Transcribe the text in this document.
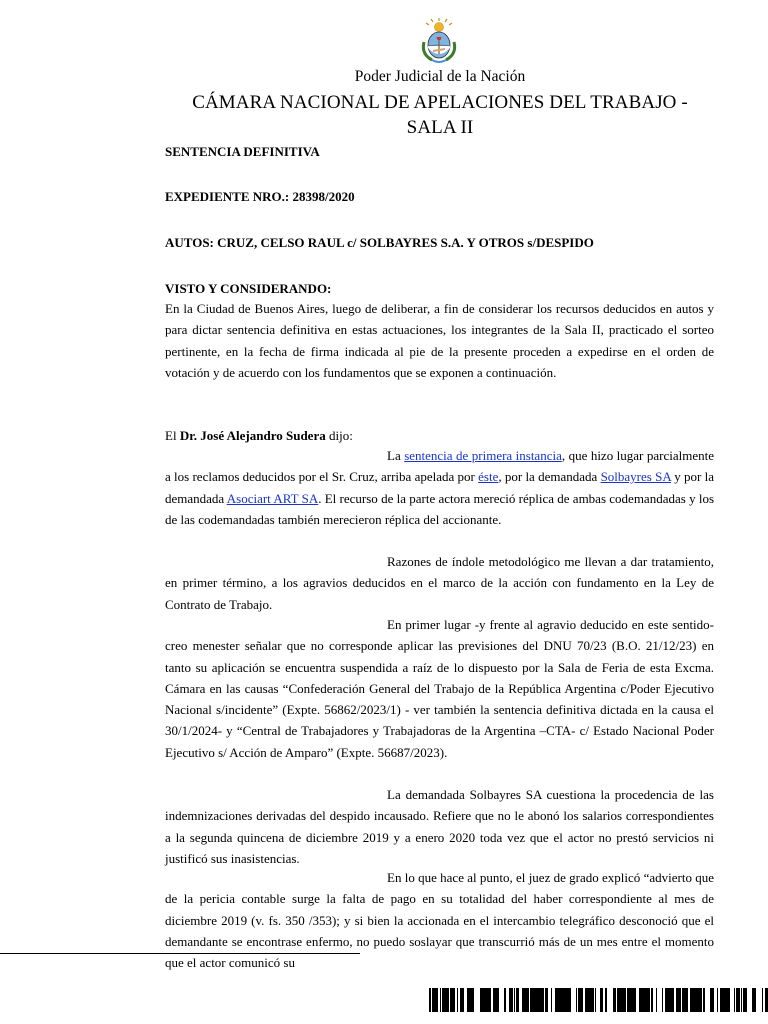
Poder Judicial de la Nación
CÁMARA NACIONAL DE APELACIONES DEL TRABAJO -
SALA II
SENTENCIA DEFINITIVA
EXPEDIENTE NRO.: 28398/2020
AUTOS: CRUZ, CELSO RAUL c/ SOLBAYRES S.A. Y OTROS s/DESPIDO
VISTO Y CONSIDERANDO:
En la Ciudad de Buenos Aires, luego de deliberar, a fin de considerar los recursos deducidos en autos y para dictar sentencia definitiva en estas actuaciones, los integrantes de la Sala II, practicado el sorteo pertinente, en la fecha de firma indicada al pie de la presente proceden a expedirse en el orden de votación y de acuerdo con los fundamentos que se exponen a continuación.
El Dr. José Alejandro Sudera dijo:
La sentencia de primera instancia, que hizo lugar parcialmente a los reclamos deducidos por el Sr. Cruz, arriba apelada por éste, por la demandada Solbayres SA y por la demandada Asociart ART SA. El recurso de la parte actora mereció réplica de ambas codemandadas y los de las codemandadas también merecieron réplica del accionante.
Razones de índole metodológico me llevan a dar tratamiento, en primer término, a los agravios deducidos en el marco de la acción con fundamento en la Ley de Contrato de Trabajo.
En primer lugar -y frente al agravio deducido en este sentido- creo menester señalar que no corresponde aplicar las previsiones del DNU 70/23 (B.O. 21/12/23) en tanto su aplicación se encuentra suspendida a raíz de lo dispuesto por la Sala de Feria de esta Excma. Cámara en las causas “Confederación General del Trabajo de la República Argentina c/Poder Ejecutivo Nacional s/incidente” (Expte. 56862/2023/1) - ver también la sentencia definitiva dictada en la causa el 30/1/2024- y “Central de Trabajadores y Trabajadoras de la Argentina –CTA- c/ Estado Nacional Poder Ejecutivo s/ Acción de Amparo” (Expte. 56687/2023).
La demandada Solbayres SA cuestiona la procedencia de las indemnizaciones derivadas del despido incausado. Refiere que no le abonó los salarios correspondientes a la segunda quincena de diciembre 2019 y a enero 2020 toda vez que el actor no prestó servicios ni justificó sus inasistencias.
En lo que hace al punto, el juez de grado explicó “advierto que de la pericia contable surge la falta de pago en su totalidad del haber correspondiente al mes de diciembre 2019 (v. fs. 350 /353); y si bien la accionada en el intercambio telegráfico desconoció que el demandante se encontrase enfermo, no puedo soslayar que transcurrió más de un mes entre el momento que el actor comunicó su
